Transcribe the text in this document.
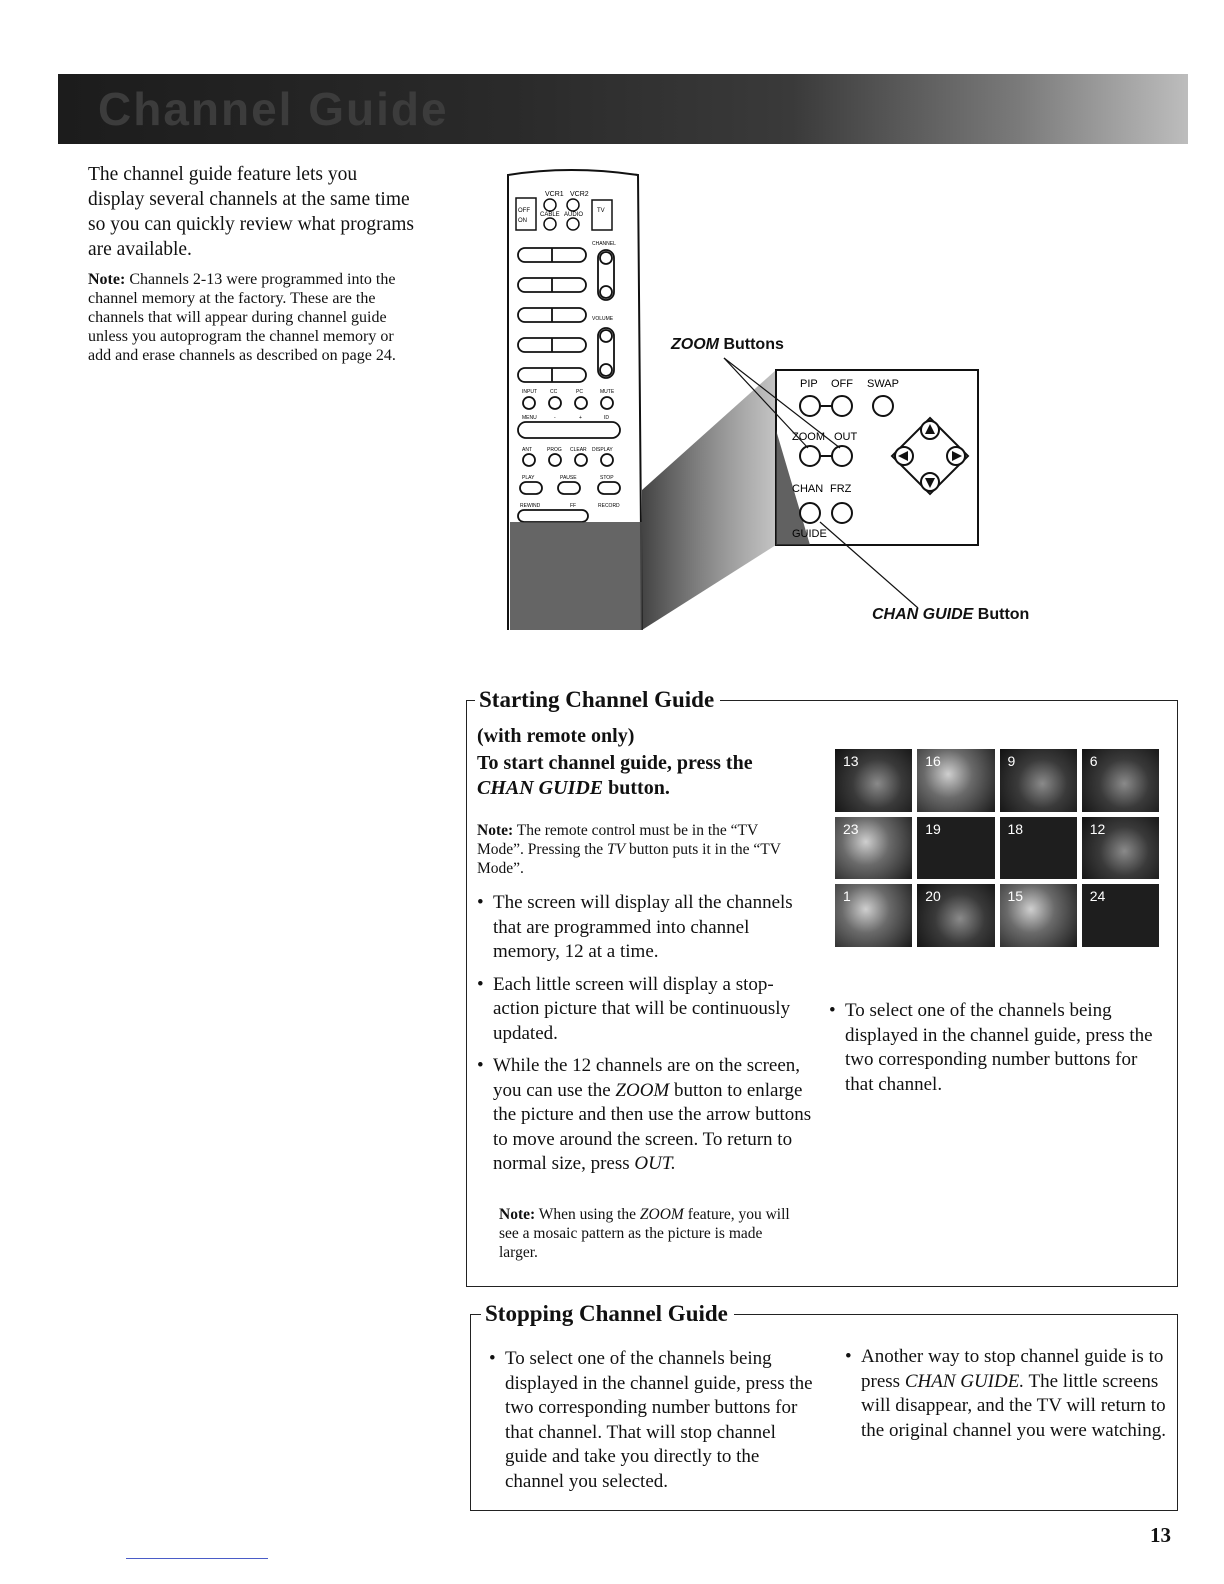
Channel Guide

The channel guide feature lets you display several channels at the same time so you can quickly review what programs are available.

Note: Channels 2-13 were programmed into the channel memory at the factory. These are the channels that will appear during channel guide unless you autoprogram the channel memory or add and erase channels as described on page 24.

VCR1 VCR2
OFF
ON
CABLE AUDIO
TV
CHANNEL
VOLUME
INPUT	CC	PC	MUTE
MENU	-	+	ID
ANT	PROG CLEAR DISPLAY
PLAY	PAUSE	STOP
REWIND	FF	RECORD
PIP OFF SWAP
ZOOM OUT
CHAN FRZ
GUIDE
ZOOM Buttons
CHAN GUIDE Button
Starting Channel Guide
(with remote only)
To start channel guide, press the CHAN GUIDE button.
Note: The remote control must be in the “TV Mode”. Pressing the TV button puts it in the “TV Mode”.
• The screen will display all the channels that are programmed into channel memory, 12 at a time.
• Each little screen will display a stop-action picture that will be continuously updated.
• While the 12 channels are on the screen, you can use the ZOOM button to enlarge the picture and then use the arrow buttons to move around the screen. To return to normal size, press OUT.
Note: When using the ZOOM feature, you will see a mosaic pattern as the picture is made larger.
13	16	9	6
23	19	18	12
1	20	15	24
• To select one of the channels being displayed in the channel guide, press the two corresponding number buttons for that channel.
Stopping Channel Guide
• To select one of the channels being displayed in the channel guide, press the two corresponding number buttons for that channel. That will stop channel guide and take you directly to the channel you selected.
• Another way to stop channel guide is to press CHAN GUIDE. The little screens will disappear, and the TV will return to the original channel you were watching.
13
